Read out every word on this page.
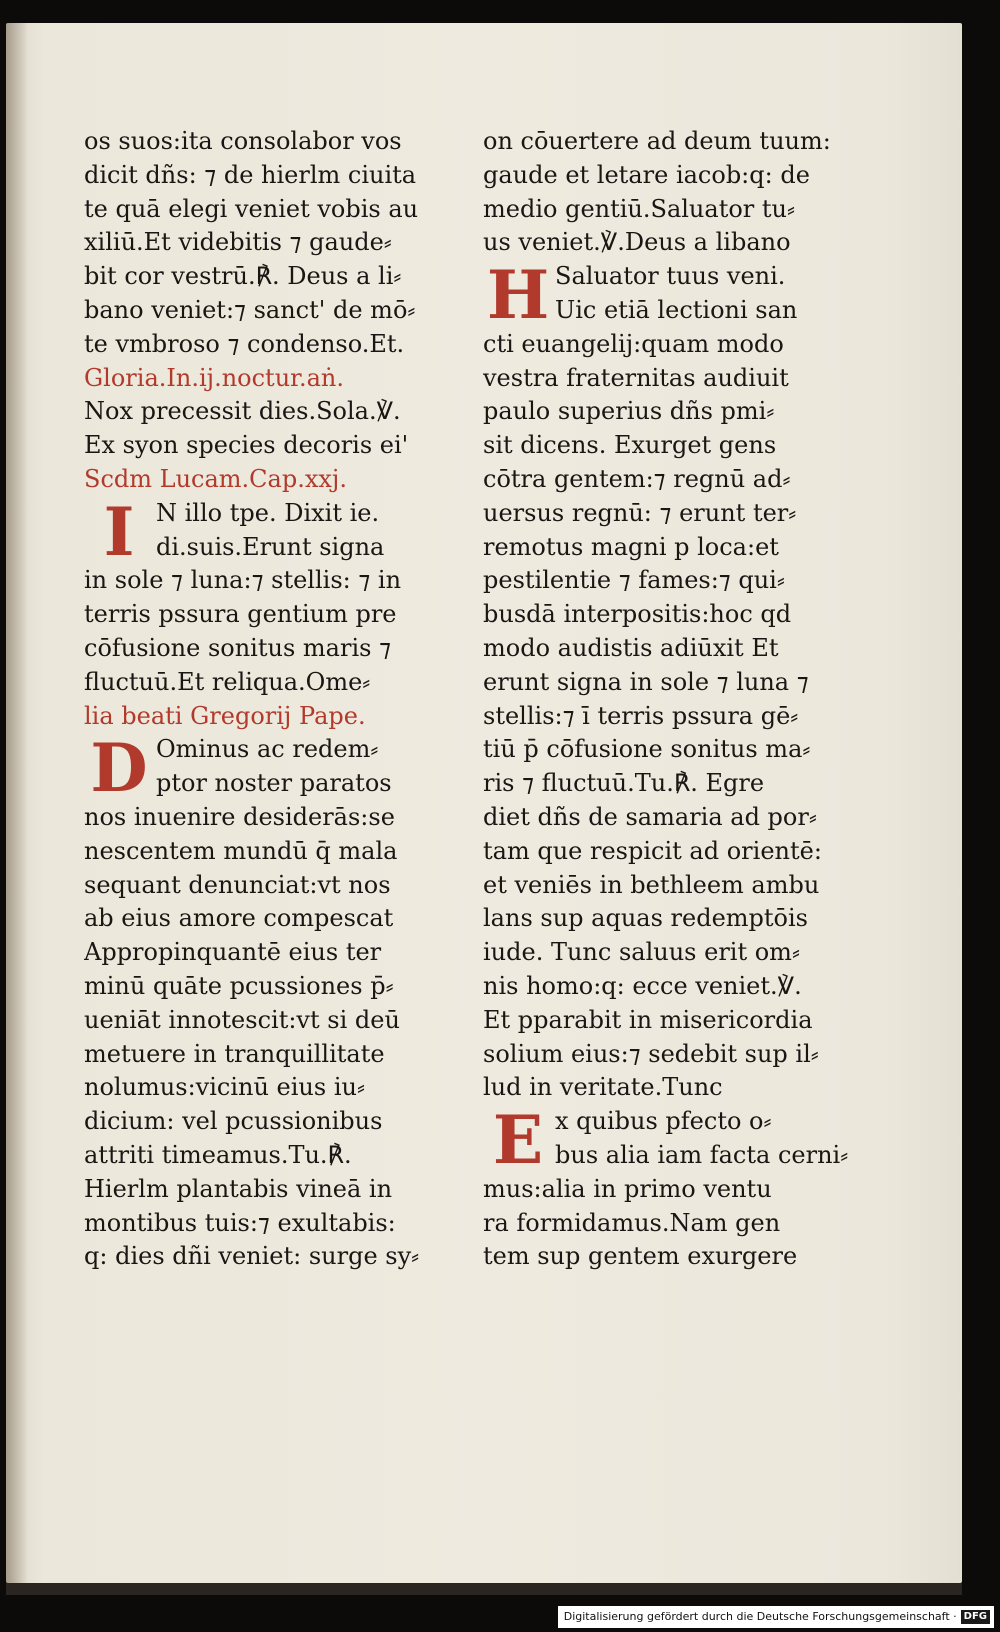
os suos:ita consolabor vos
dicit dñs: ⁊ de hierlm ciuita
te quā elegi veniet vobis au
xiliū.Et videbitis ⁊ gaude⸗
bit cor vestrū.℟. Deus a li⸗
bano veniet:⁊ sanct' de mō⸗
te vmbroso ⁊ condenso.Et.
Gloria.In.ij.noctur.aṅ.
Nox precessit dies.Sola.℣.
Ex syon species decoris ei'
Scdm Lucam.Cap.xxj.
I N illo tpe. Dixit ie.
di.suis.Erunt signa
in sole ⁊ luna:⁊ stellis: ⁊ in
terris pssura gentium pre
cōfusione sonitus maris ⁊
fluctuū.Et reliqua.Ome⸗
lia beati Gregorij Pape.
D Ominus ac redem⸗
ptor noster paratos
nos inuenire desiderās:se
nescentem mundū q̄ mala
sequant denunciat:vt nos
ab eius amore compescat
Appropinquantē eius ter
minū quāte pcussiones p̄⸗
ueniāt innotescit:vt si deū
metuere in tranquillitate
nolumus:vicinū eius iu⸗
dicium: vel pcussionibus
attriti timeamus.Tu.℟.
Hierlm plantabis vineā in
montibus tuis:⁊ exultabis:
q: dies dñi veniet: surge sy⸗
on cōuertere ad deum tuum:
gaude et letare iacob:q: de
medio gentiū.Saluator tu⸗
us veniet.℣.Deus a libano
H Saluator tuus veni.
Uic etiā lectioni san
cti euangelij:quam modo
vestra fraternitas audiuit
paulo superius dñs pmi⸗
sit dicens. Exurget gens
cōtra gentem:⁊ regnū ad⸗
uersus regnū: ⁊ erunt ter⸗
remotus magni p loca:et
pestilentie ⁊ fames:⁊ qui⸗
busdā interpositis:hoc qd
modo audistis adiūxit Et
erunt signa in sole ⁊ luna ⁊
stellis:⁊ ī terris pssura gē⸗
tiū p̄ cōfusione sonitus ma⸗
ris ⁊ fluctuū.Tu.℟. Egre
diet dñs de samaria ad por⸗
tam que respicit ad orientē:
et veniēs in bethleem ambu
lans sup aquas redemptōis
iude. Tunc saluus erit om⸗
nis homo:q: ecce veniet.℣.
Et pparabit in misericordia
solium eius:⁊ sedebit sup il⸗
lud in veritate.Tunc
E x quibus pfecto o⸗
bus alia iam facta cerni⸗
mus:alia in primo ventu
ra formidamus.Nam gen
tem sup gentem exurgere
Digitalisierung gefördert durch die Deutsche Forschungsgemeinschaft · DFG
